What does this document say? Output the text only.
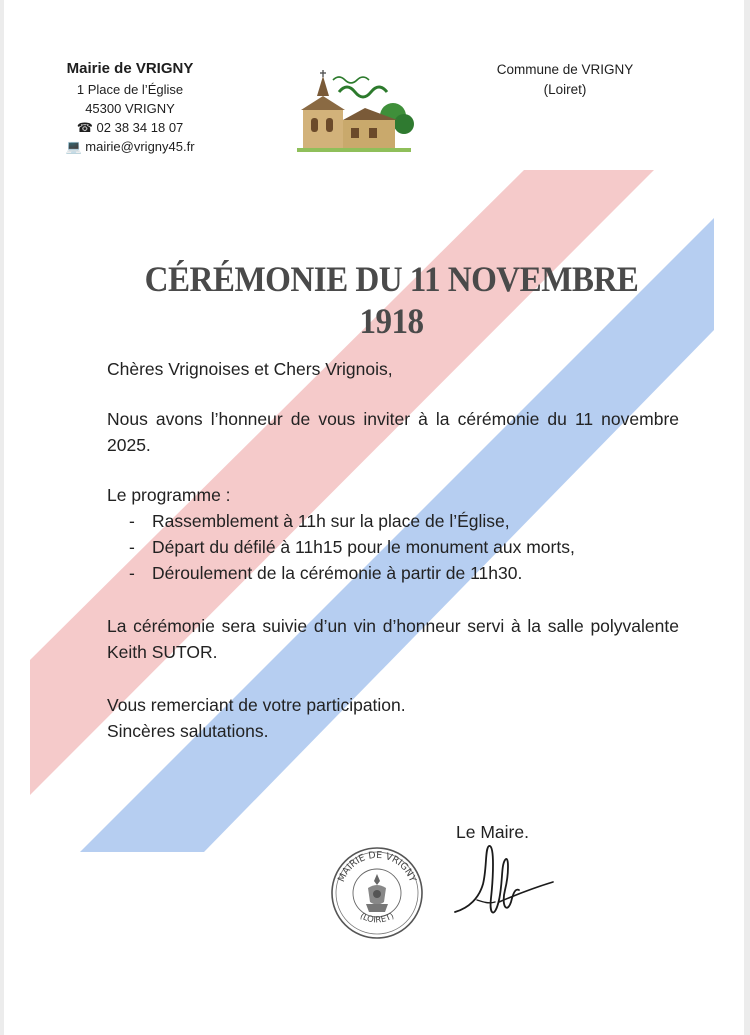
Mairie de VRIGNY
1 Place de l’Église
45300 VRIGNY
☎ 02 38 34 18 07
💻 mairie@vrigny45.fr
Commune de VRIGNY
(Loiret)
CÉRÉMONIE DU 11 NOVEMBRE 1918

Chères Vrignoises et Chers Vrignois,

Nous avons l’honneur de vous inviter à la cérémonie du 11 novembre 2025.

Le programme :

- Rassemblement à 11h sur la place de l’Église,
- Départ du défilé à 11h15 pour le monument aux morts,
- Déroulement de la cérémonie à partir de 11h30.

La cérémonie sera suivie d’un vin d’honneur servi à la salle polyvalente Keith SUTOR.

Vous remerciant de votre participation.

Sincères salutations.

Le Maire.
MAIRIE DE VRIGNY
(LOIRET)
